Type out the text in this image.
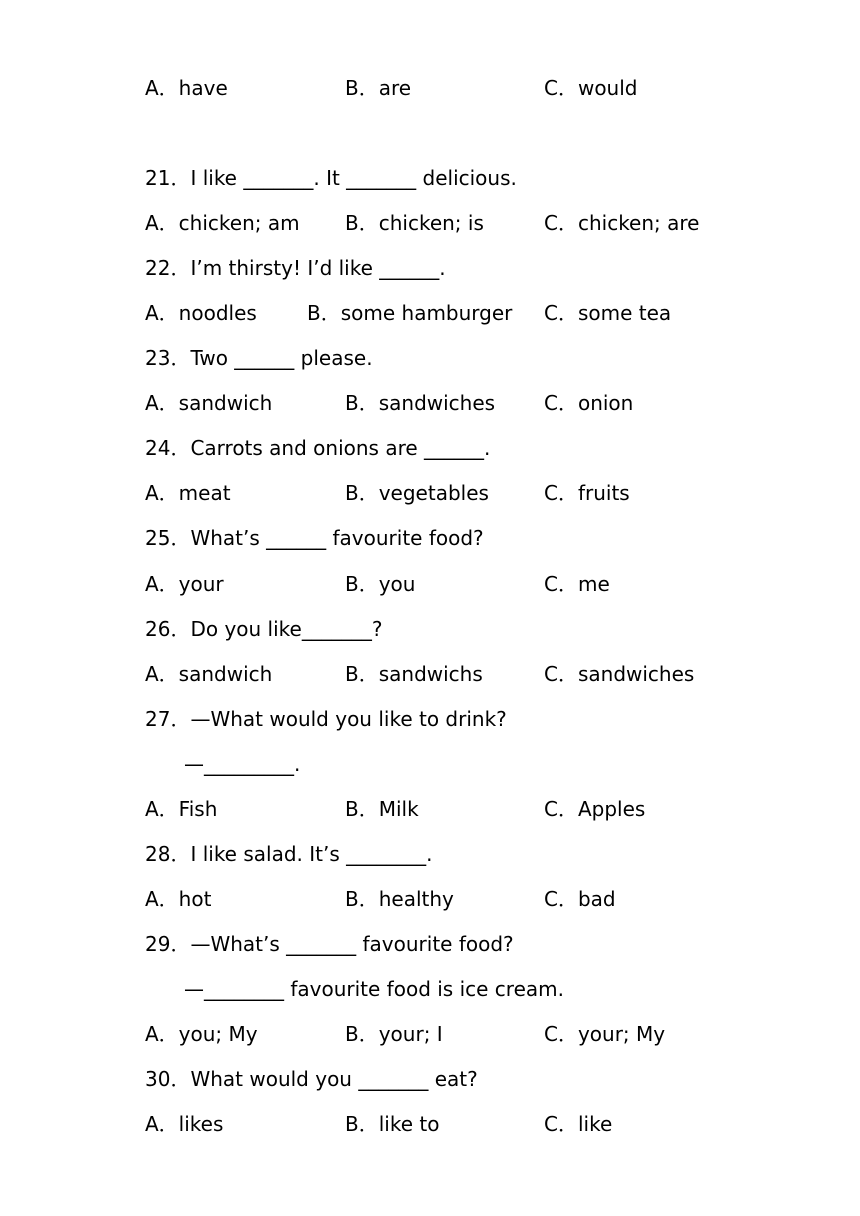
A．have	B．are	C．would
21．I like _______. It _______ delicious.
A．chicken; am B．chicken; is	C．chicken; are
22．I’m thirsty! I’d like ______.
A．noodles	B．some hamburger C．some tea
23．Two ______ please.
A．sandwich	B．sandwiches C．onion
24．Carrots and onions are ______.
A．meat	B．vegetables	C．fruits
25．What’s ______ favourite food?
A．your	B．you	C．me
26．Do you like_______?
A．sandwich	B．sandwichs	C．sandwiches
27．—What would you like to drink?
—_________.
A．Fish	B．Milk	C．Apples
28．I like salad. It’s ________.
A．hot	B．healthy	C．bad
29．—What’s _______ favourite food?
—________ favourite food is ice cream.
A．you; My	B．your; I	C．your; My
30．What would you _______ eat?
A．likes	B．like to	C．like
